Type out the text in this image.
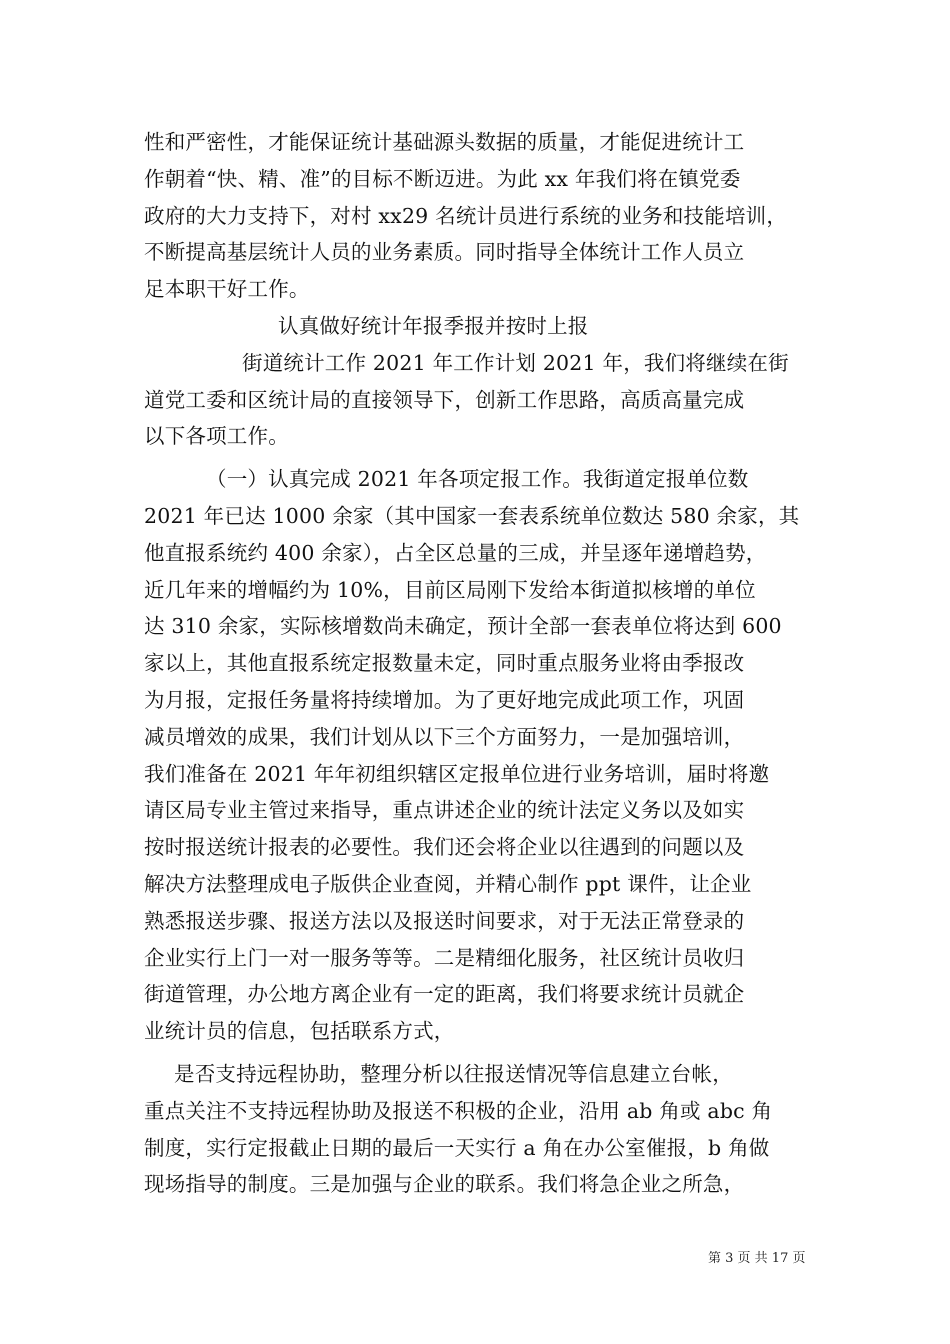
性和严密性，才能保证统计基础源头数据的质量，才能促进统计工
作朝着“快、精、准”的目标不断迈进。为此 xx 年我们将在镇党委
政府的大力支持下，对村 xx29 名统计员进行系统的业务和技能培训，
不断提高基层统计人员的业务素质。同时指导全体统计工作人员立
足本职干好工作。
认真做好统计年报季报并按时上报
街道统计工作 2021 年工作计划 2021 年，我们将继续在街
道党工委和区统计局的直接领导下，创新工作思路，高质高量完成
以下各项工作。
（一）认真完成 2021 年各项定报工作。我街道定报单位数
2021 年已达 1000 余家（其中国家一套表系统单位数达 580 余家，其
他直报系统约 400 余家），占全区总量的三成，并呈逐年递增趋势，
近几年来的增幅约为 10%，目前区局刚下发给本街道拟核增的单位
达 310 余家，实际核增数尚未确定，预计全部一套表单位将达到 600
家以上，其他直报系统定报数量未定，同时重点服务业将由季报改
为月报，定报任务量将持续增加。为了更好地完成此项工作，巩固
减员增效的成果，我们计划从以下三个方面努力，一是加强培训，
我们准备在 2021 年年初组织辖区定报单位进行业务培训，届时将邀
请区局专业主管过来指导，重点讲述企业的统计法定义务以及如实
按时报送统计报表的必要性。我们还会将企业以往遇到的问题以及
解决方法整理成电子版供企业查阅，并精心制作 ppt 课件，让企业
熟悉报送步骤、报送方法以及报送时间要求，对于无法正常登录的
企业实行上门一对一服务等等。二是精细化服务，社区统计员收归
街道管理，办公地方离企业有一定的距离，我们将要求统计员就企
业统计员的信息，包括联系方式，
是否支持远程协助，整理分析以往报送情况等信息建立台帐，
重点关注不支持远程协助及报送不积极的企业，沿用 ab 角或 abc 角
制度，实行定报截止日期的最后一天实行 a 角在办公室催报，b 角做
现场指导的制度。三是加强与企业的联系。我们将急企业之所急，
第 3 页 共 17 页
